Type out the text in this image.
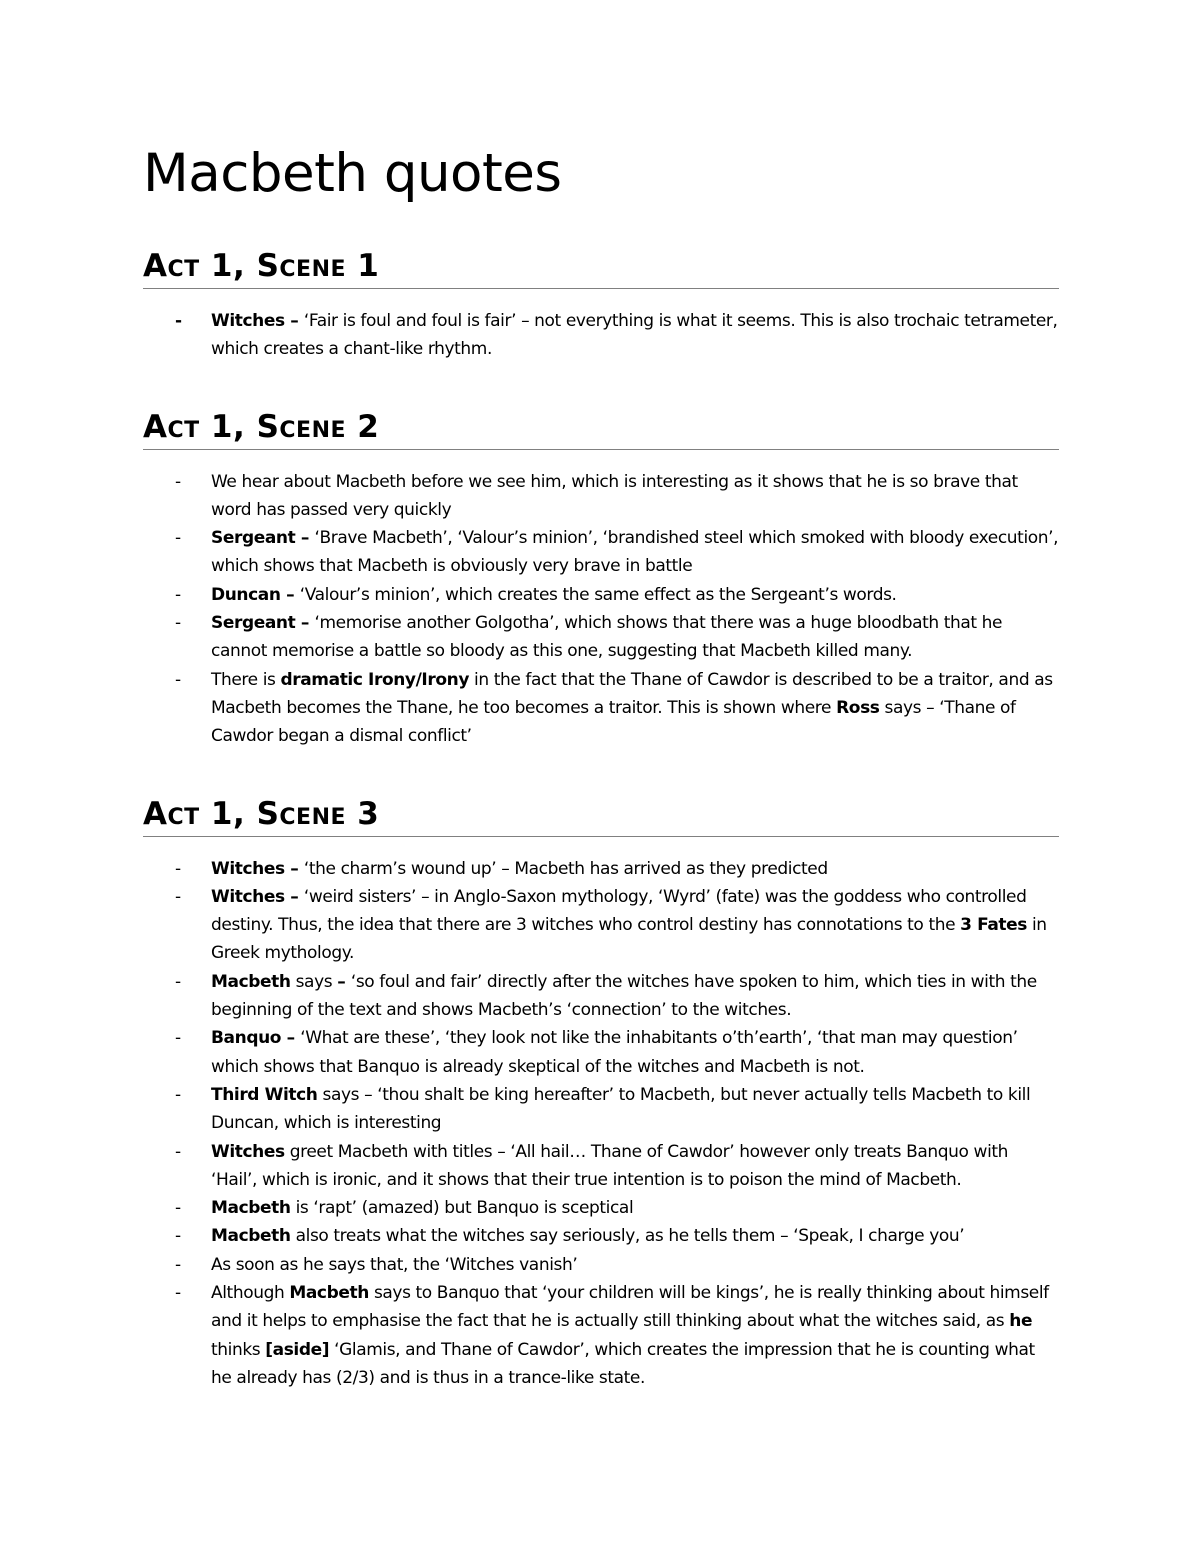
Macbeth quotes
Act 1, Scene 1
- Witches – ‘Fair is foul and foul is fair’ – not everything is what it seems. This is also trochaic tetrameter, which creates a chant-like rhythm.
Act 1, Scene 2
- We hear about Macbeth before we see him, which is interesting as it shows that he is so brave that word has passed very quickly
- Sergeant – ‘Brave Macbeth’, ‘Valour’s minion’, ‘brandished steel which smoked with bloody execution’, which shows that Macbeth is obviously very brave in battle
- Duncan – ‘Valour’s minion’, which creates the same effect as the Sergeant’s words.
- Sergeant – ‘memorise another Golgotha’, which shows that there was a huge bloodbath that he cannot memorise a battle so bloody as this one, suggesting that Macbeth killed many.
- There is dramatic Irony/Irony in the fact that the Thane of Cawdor is described to be a traitor, and as Macbeth becomes the Thane, he too becomes a traitor. This is shown where Ross says – ‘Thane of Cawdor began a dismal conflict’
Act 1, Scene 3
- Witches – ‘the charm’s wound up’ – Macbeth has arrived as they predicted
- Witches – ‘weird sisters’ – in Anglo-Saxon mythology, ‘Wyrd’ (fate) was the goddess who controlled destiny. Thus, the idea that there are 3 witches who control destiny has connotations to the 3 Fates in Greek mythology.
- Macbeth says – ‘so foul and fair’ directly after the witches have spoken to him, which ties in with the beginning of the text and shows Macbeth’s ‘connection’ to the witches.
- Banquo – ‘What are these’, ‘they look not like the inhabitants o’th’earth’, ‘that man may question’ which shows that Banquo is already skeptical of the witches and Macbeth is not.
- Third Witch says – ‘thou shalt be king hereafter’ to Macbeth, but never actually tells Macbeth to kill Duncan, which is interesting
- Witches greet Macbeth with titles – ‘All hail… Thane of Cawdor’ however only treats Banquo with ‘Hail’, which is ironic, and it shows that their true intention is to poison the mind of Macbeth.
- Macbeth is ‘rapt’ (amazed) but Banquo is sceptical
- Macbeth also treats what the witches say seriously, as he tells them – ‘Speak, I charge you’
- As soon as he says that, the ‘Witches vanish’
- Although Macbeth says to Banquo that ‘your children will be kings’, he is really thinking about himself and it helps to emphasise the fact that he is actually still thinking about what the witches said, as he thinks [aside] ‘Glamis, and Thane of Cawdor’, which creates the impression that he is counting what he already has (2/3) and is thus in a trance-like state.
